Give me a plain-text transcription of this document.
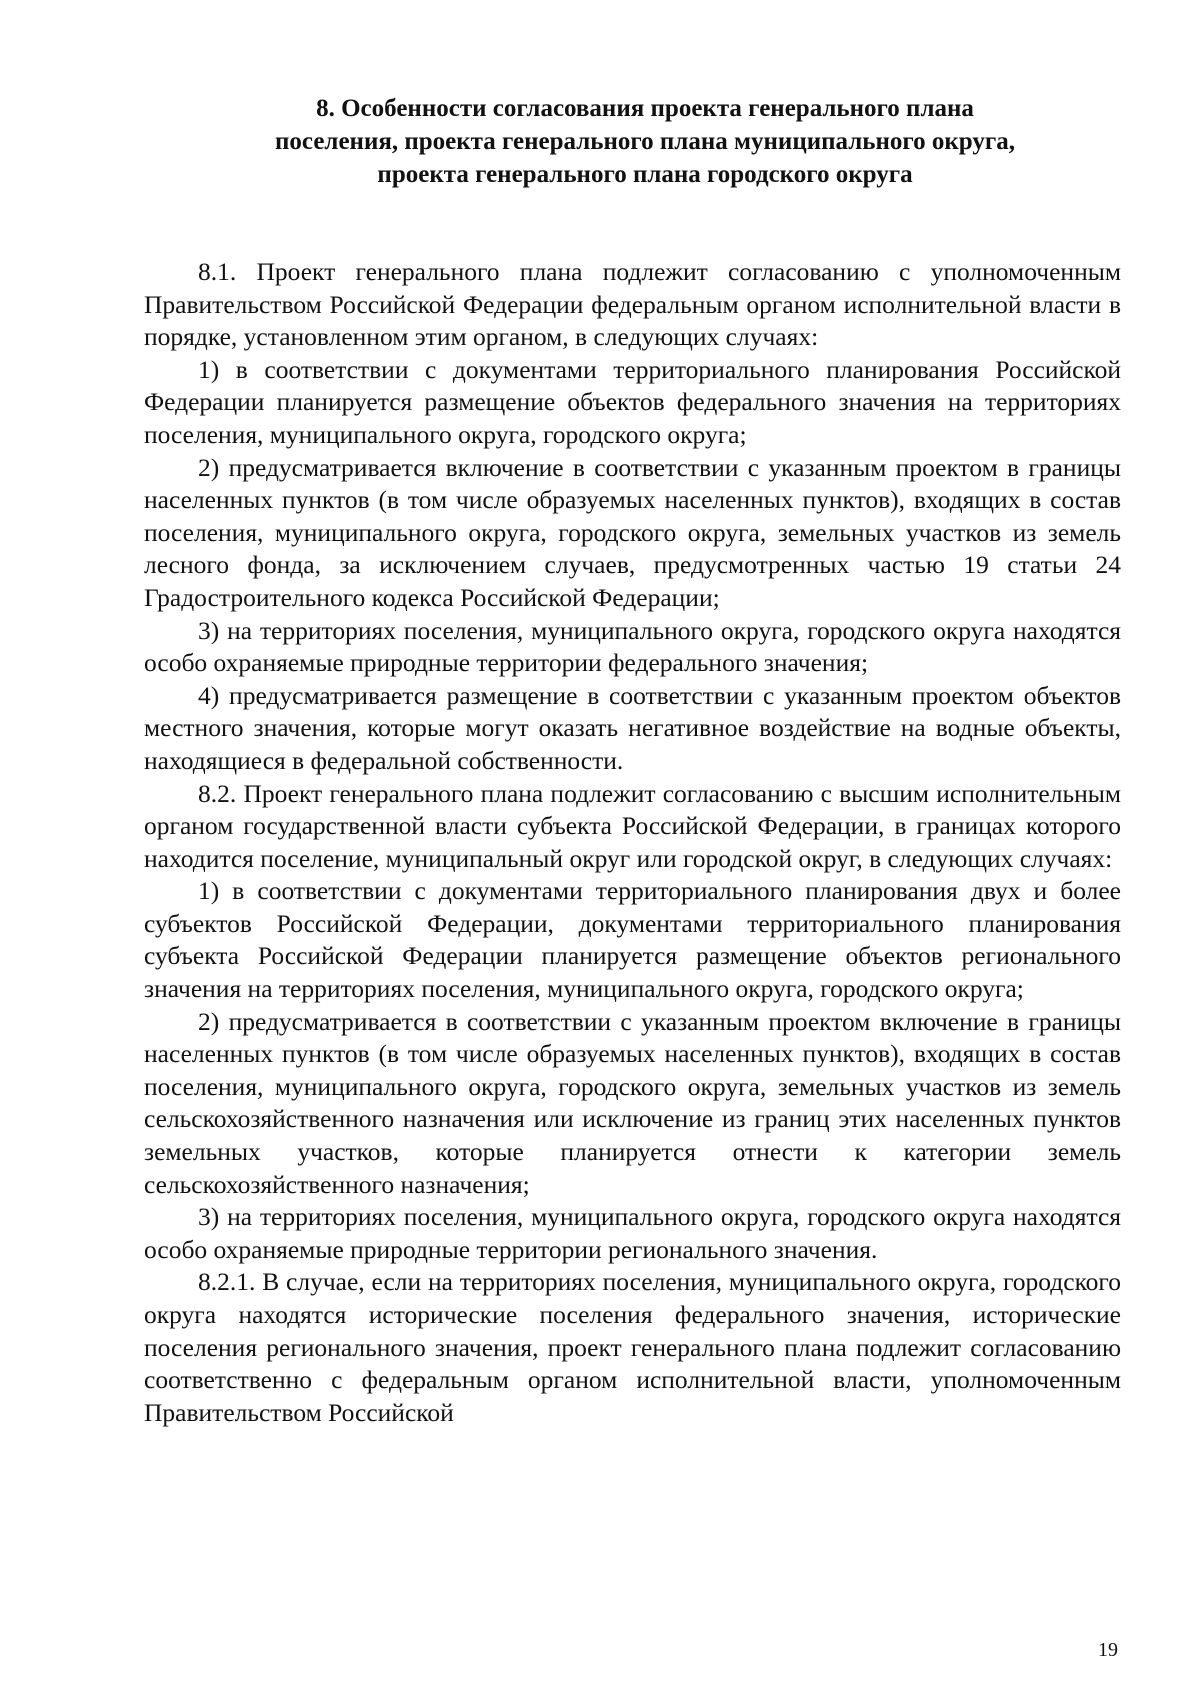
8. Особенности согласования проекта генерального плана
поселения, проекта генерального плана муниципального округа,
проекта генерального плана городского округа

8.1. Проект генерального плана подлежит согласованию с уполномоченным Правительством Российской Федерации федеральным органом исполнительной власти в порядке, установленном этим органом, в следующих случаях:

1) в соответствии с документами территориального планирования Российской Федерации планируется размещение объектов федерального значения на территориях поселения, муниципального округа, городского округа;

2) предусматривается включение в соответствии с указанным проектом в границы населенных пунктов (в том числе образуемых населенных пунктов), входящих в состав поселения, муниципального округа, городского округа, земельных участков из земель лесного фонда, за исключением случаев, предусмотренных частью 19 статьи 24 Градостроительного кодекса Российской Федерации;

3) на территориях поселения, муниципального округа, городского округа находятся особо охраняемые природные территории федерального значения;

4) предусматривается размещение в соответствии с указанным проектом объектов местного значения, которые могут оказать негативное воздействие на водные объекты, находящиеся в федеральной собственности.

8.2. Проект генерального плана подлежит согласованию с высшим исполнительным органом государственной власти субъекта Российской Федерации, в границах которого находится поселение, муниципальный округ или городской округ, в следующих случаях:

1) в соответствии с документами территориального планирования двух и более субъектов Российской Федерации, документами территориального планирования субъекта Российской Федерации планируется размещение объектов регионального значения на территориях поселения, муниципального округа, городского округа;

2) предусматривается в соответствии с указанным проектом включение в границы населенных пунктов (в том числе образуемых населенных пунктов), входящих в состав поселения, муниципального округа, городского округа, земельных участков из земель сельскохозяйственного назначения или исключение из границ этих населенных пунктов земельных участков, которые планируется отнести к категории земель сельскохозяйственного назначения;

3) на территориях поселения, муниципального округа, городского округа находятся особо охраняемые природные территории регионального значения.

8.2.1. В случае, если на территориях поселения, муниципального округа, городского округа находятся исторические поселения федерального значения, исторические поселения регионального значения, проект генерального плана подлежит согласованию соответственно с федеральным органом исполнительной власти, уполномоченным Правительством Российской

19
